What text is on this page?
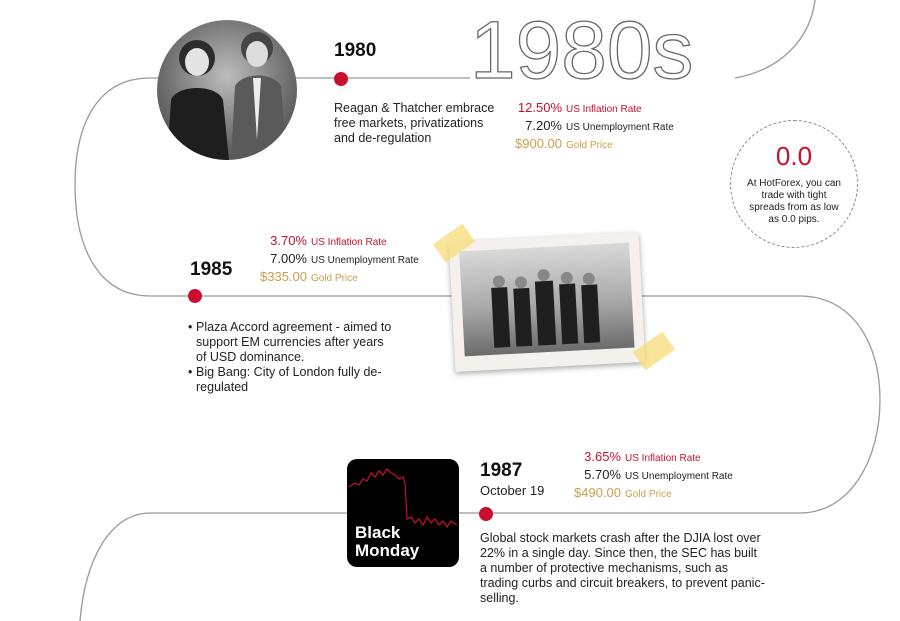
1980s
1980
Reagan & Thatcher embrace free markets, privatizations and de-regulation
12.50% US Inflation Rate
7.20% US Unemployment Rate
$900.00 Gold Price	0.0
At HotForex, you can trade with tight spreads from as low as 0.0 pips.
3.70% US Inflation Rate
7.00% US Unemployment Rate
$335.00 Gold Price
1985
• Plaza Accord agreement - aimed to support EM currencies after years of USD dominance.
• Big Bang: City of London fully de-regulated
Black Monday
1987
October 19
3.65% US Inflation Rate
5.70% US Unemployment Rate
$490.00 Gold Price
Global stock markets crash after the DJIA lost over 22% in a single day. Since then, the SEC has built a number of protective mechanisms, such as trading curbs and circuit breakers, to prevent panic-selling.
